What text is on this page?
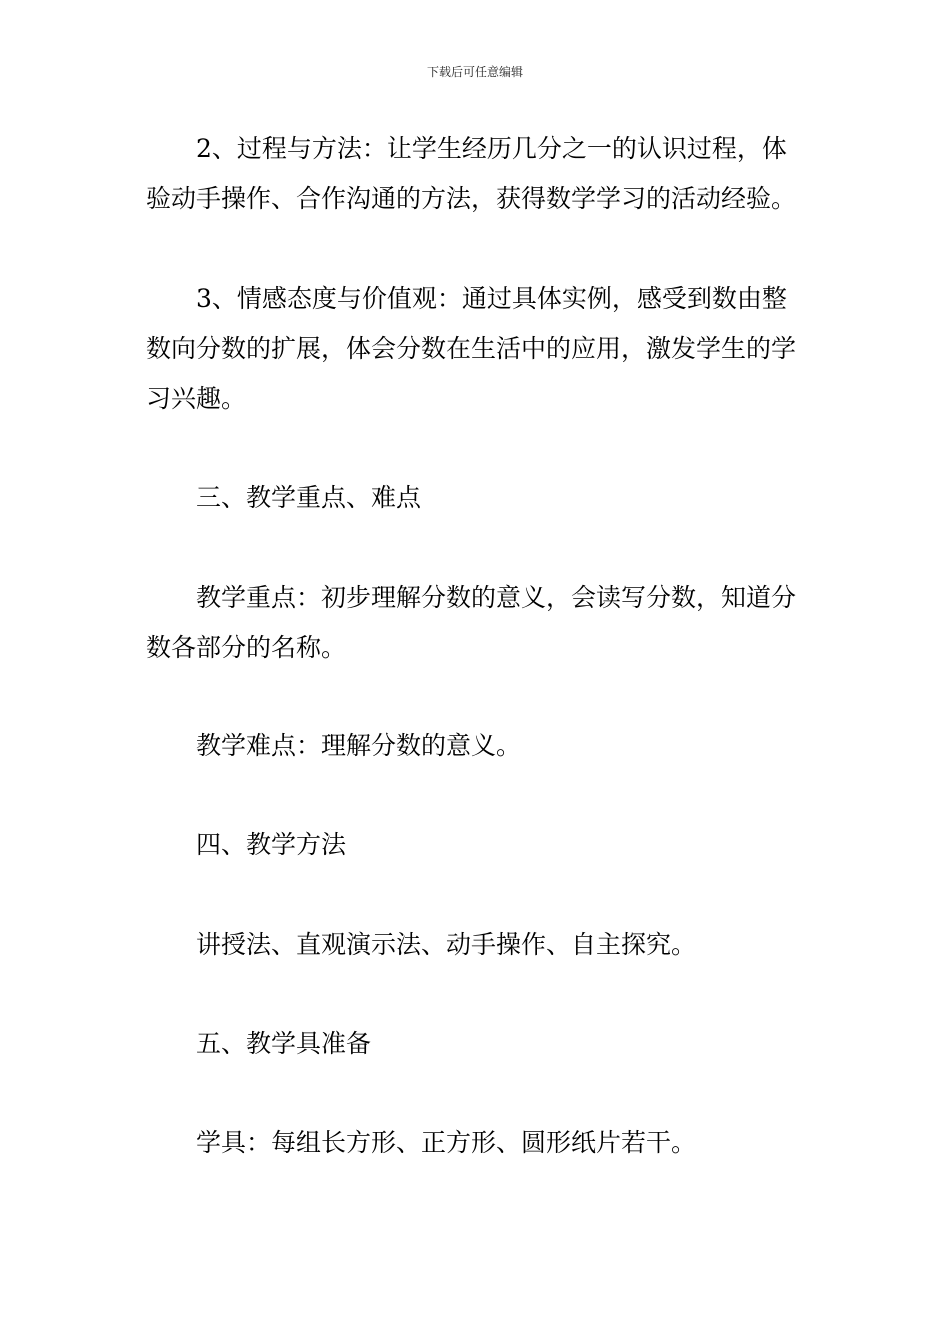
下载后可任意编辑

2、过程与方法：让学生经历几分之一的认识过程，体验动手操作、合作沟通的方法，获得数学学习的活动经验。

3、情感态度与价值观：通过具体实例，感受到数由整数向分数的扩展，体会分数在生活中的应用，激发学生的学习兴趣。

三、教学重点、难点

教学重点：初步理解分数的意义，会读写分数，知道分数各部分的名称。

教学难点：理解分数的意义。

四、教学方法

讲授法、直观演示法、动手操作、自主探究。

五、教学具准备

学具：每组长方形、正方形、圆形纸片若干。
